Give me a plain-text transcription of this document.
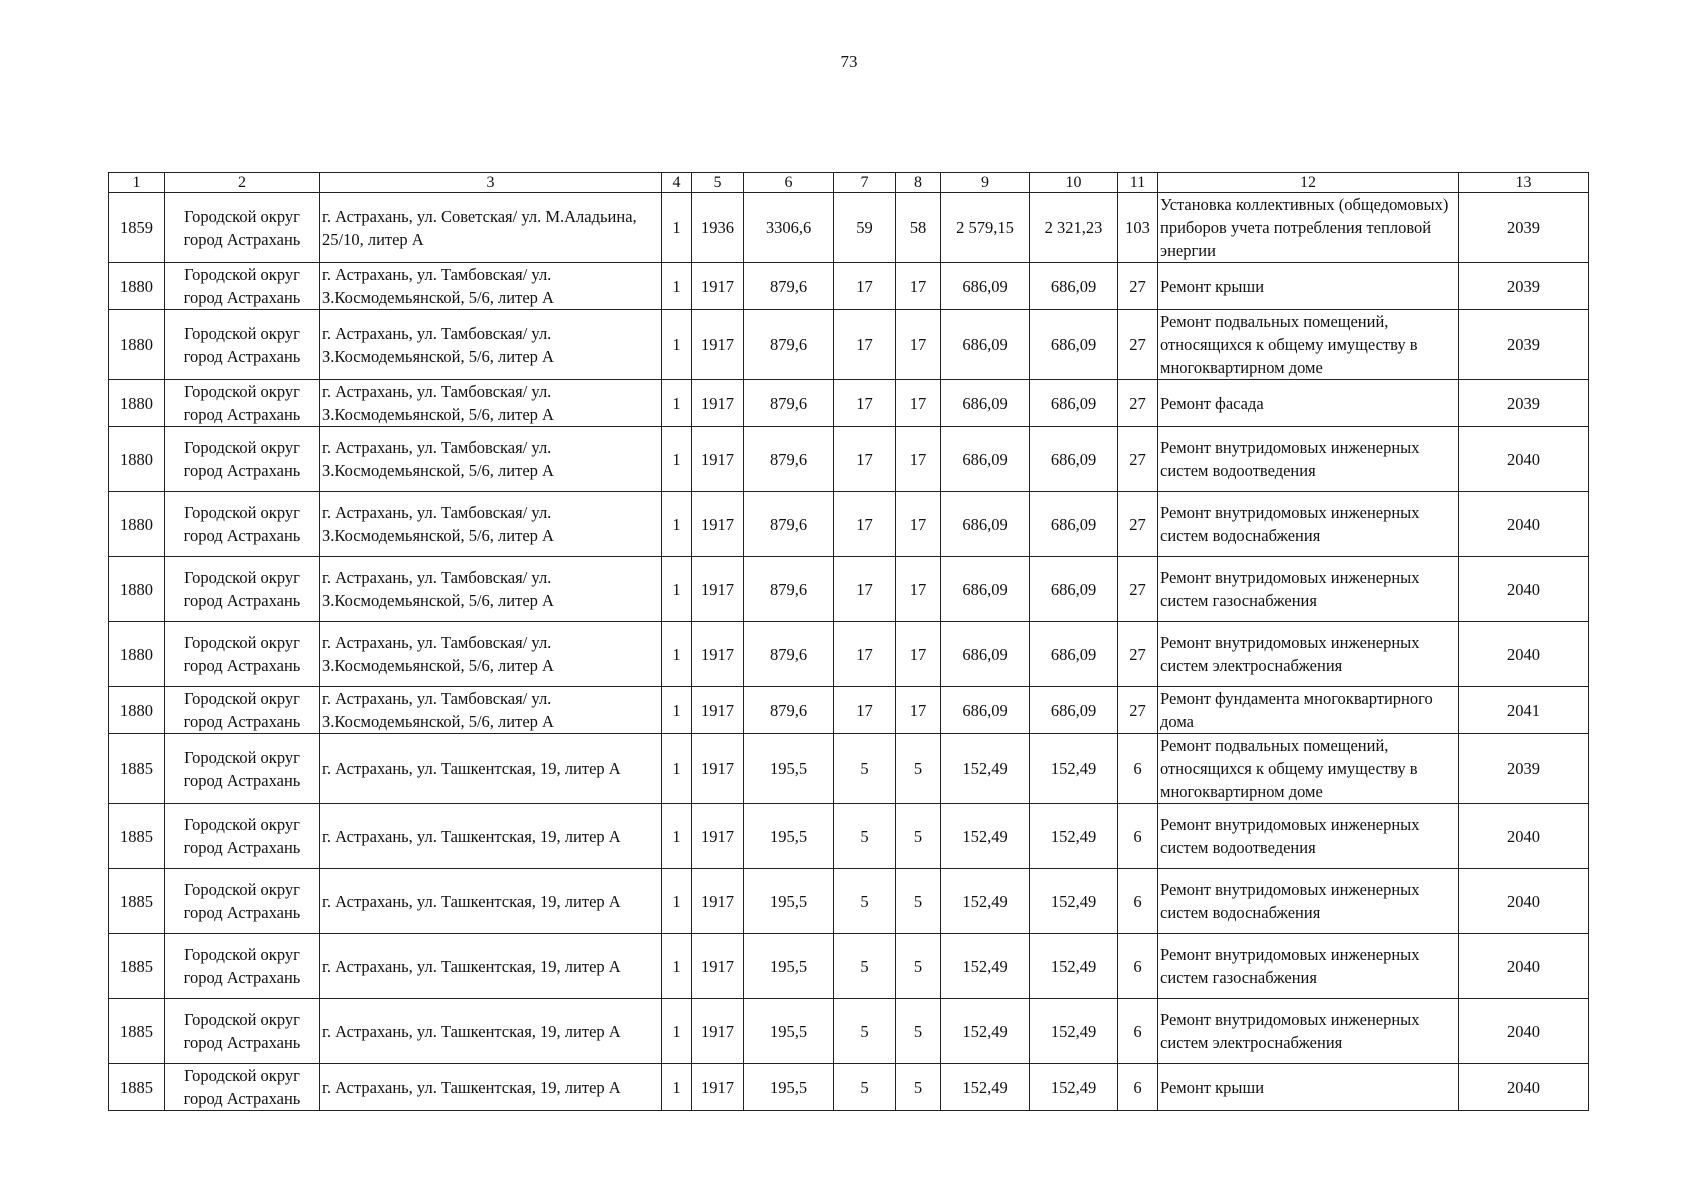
73
1	2	3	4	5	6	7	8	9	10	11	12	13
1859	Городской округ город Астрахань	г. Астрахань, ул. Советская/ ул. М.Аладьина, 25/10, литер А	1	1936	3306,6	59	58	2 579,15	2 321,23	103	Установка коллективных (общедомовых) приборов учета потребления тепловой энергии	2039
1880	Городской округ город Астрахань	г. Астрахань, ул. Тамбовская/ ул. З.Космодемьянской, 5/6, литер А	1	1917	879,6	17	17	686,09	686,09	27	Ремонт крыши	2039
1880	Городской округ город Астрахань	г. Астрахань, ул. Тамбовская/ ул. З.Космодемьянской, 5/6, литер А	1	1917	879,6	17	17	686,09	686,09	27	Ремонт подвальных помещений, относящихся к общему имуществу в многоквартирном доме	2039
1880	Городской округ город Астрахань	г. Астрахань, ул. Тамбовская/ ул. З.Космодемьянской, 5/6, литер А	1	1917	879,6	17	17	686,09	686,09	27	Ремонт фасада	2039
1880	Городской округ город Астрахань	г. Астрахань, ул. Тамбовская/ ул. З.Космодемьянской, 5/6, литер А	1	1917	879,6	17	17	686,09	686,09	27	Ремонт внутридомовых инженерных систем водоотведения	2040
1880	Городской округ город Астрахань	г. Астрахань, ул. Тамбовская/ ул. З.Космодемьянской, 5/6, литер А	1	1917	879,6	17	17	686,09	686,09	27	Ремонт внутридомовых инженерных систем водоснабжения	2040
1880	Городской округ город Астрахань	г. Астрахань, ул. Тамбовская/ ул. З.Космодемьянской, 5/6, литер А	1	1917	879,6	17	17	686,09	686,09	27	Ремонт внутридомовых инженерных систем газоснабжения	2040
1880	Городской округ город Астрахань	г. Астрахань, ул. Тамбовская/ ул. З.Космодемьянской, 5/6, литер А	1	1917	879,6	17	17	686,09	686,09	27	Ремонт внутридомовых инженерных систем электроснабжения	2040
1880	Городской округ город Астрахань	г. Астрахань, ул. Тамбовская/ ул. З.Космодемьянской, 5/6, литер А	1	1917	879,6	17	17	686,09	686,09	27	Ремонт фундамента многоквартирного дома	2041
1885	Городской округ город Астрахань	г. Астрахань, ул. Ташкентская, 19, литер А	1	1917	195,5	5	5	152,49	152,49	6	Ремонт подвальных помещений, относящихся к общему имуществу в многоквартирном доме	2039
1885	Городской округ город Астрахань	г. Астрахань, ул. Ташкентская, 19, литер А	1	1917	195,5	5	5	152,49	152,49	6	Ремонт внутридомовых инженерных систем водоотведения	2040
1885	Городской округ город Астрахань	г. Астрахань, ул. Ташкентская, 19, литер А	1	1917	195,5	5	5	152,49	152,49	6	Ремонт внутридомовых инженерных систем водоснабжения	2040
1885	Городской округ город Астрахань	г. Астрахань, ул. Ташкентская, 19, литер А	1	1917	195,5	5	5	152,49	152,49	6	Ремонт внутридомовых инженерных систем газоснабжения	2040
1885	Городской округ город Астрахань	г. Астрахань, ул. Ташкентская, 19, литер А	1	1917	195,5	5	5	152,49	152,49	6	Ремонт внутридомовых инженерных систем электроснабжения	2040
1885	Городской округ город Астрахань	г. Астрахань, ул. Ташкентская, 19, литер А	1	1917	195,5	5	5	152,49	152,49	6	Ремонт крыши	2040
